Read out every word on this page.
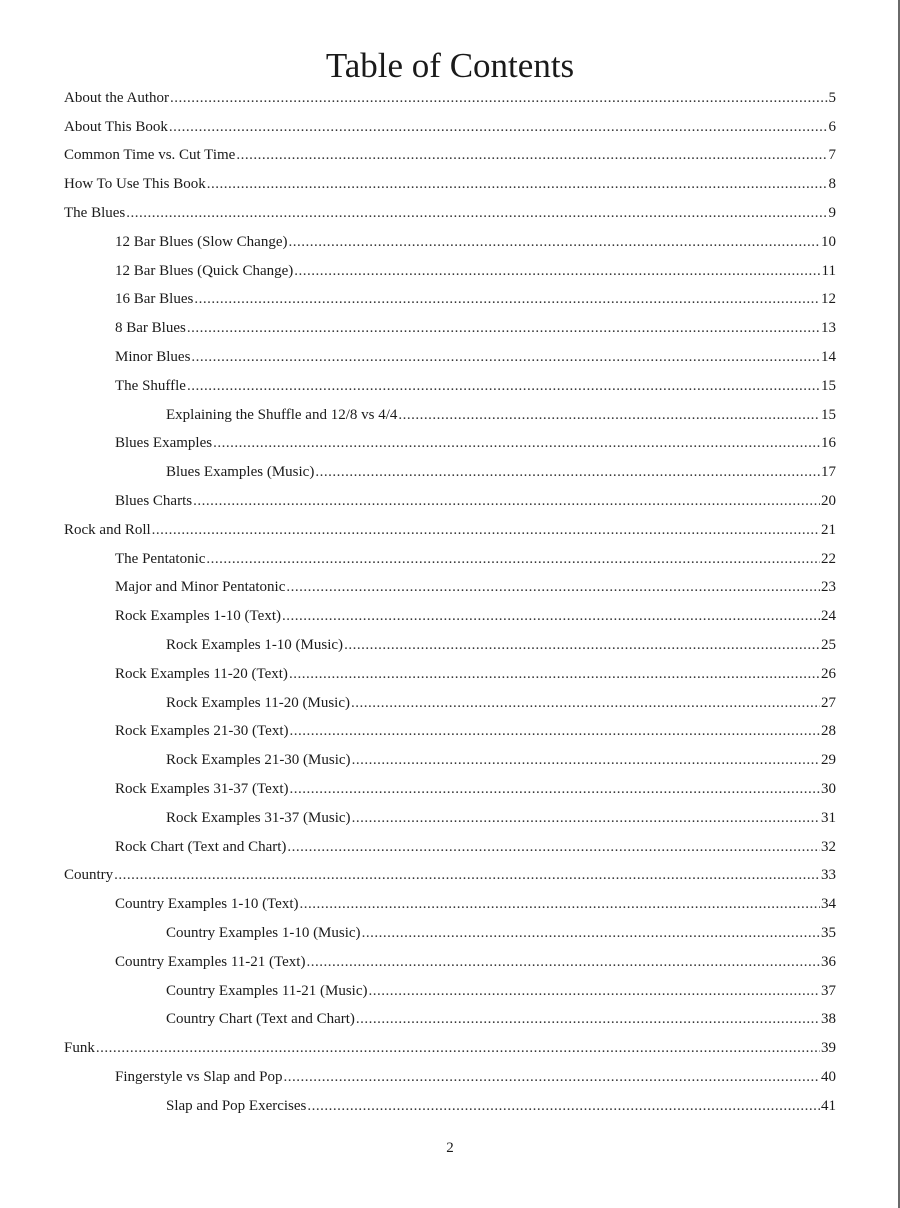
Table of Contents
About the Author .....	5
About This Book .....	6
Common Time vs. Cut Time .....	7
How To Use This Book .....	8
The Blues .....	9
12 Bar Blues (Slow Change) .....	10
12 Bar Blues (Quick Change) .....	11
16 Bar Blues .....	12
8 Bar Blues .....	13
Minor Blues .....	14
The Shuffle .....	15
Explaining the Shuffle and 12/8 vs 4/4 .....	15
Blues Examples .....	16
Blues Examples (Music) .....	17
Blues Charts .....	20
Rock and Roll .....	21
The Pentatonic .....	22
Major and Minor Pentatonic .....	23
Rock Examples 1-10 (Text) .....	24
Rock Examples 1-10 (Music) .....	25
Rock Examples 11-20 (Text) .....	26
Rock Examples 11-20 (Music) .....	27
Rock Examples 21-30 (Text) .....	28
Rock Examples 21-30 (Music) .....	29
Rock Examples 31-37 (Text) .....	30
Rock Examples 31-37 (Music) .....	31
Rock Chart (Text and Chart) .....	32
Country .....	33
Country Examples 1-10 (Text) .....	34
Country Examples 1-10 (Music) .....	35
Country Examples 11-21 (Text) .....	36
Country Examples 11-21 (Music) .....	37
Country Chart (Text and Chart) .....	38
Funk .....	39
Fingerstyle vs Slap and Pop .....	40
Slap and Pop Exercises .....	41
2
